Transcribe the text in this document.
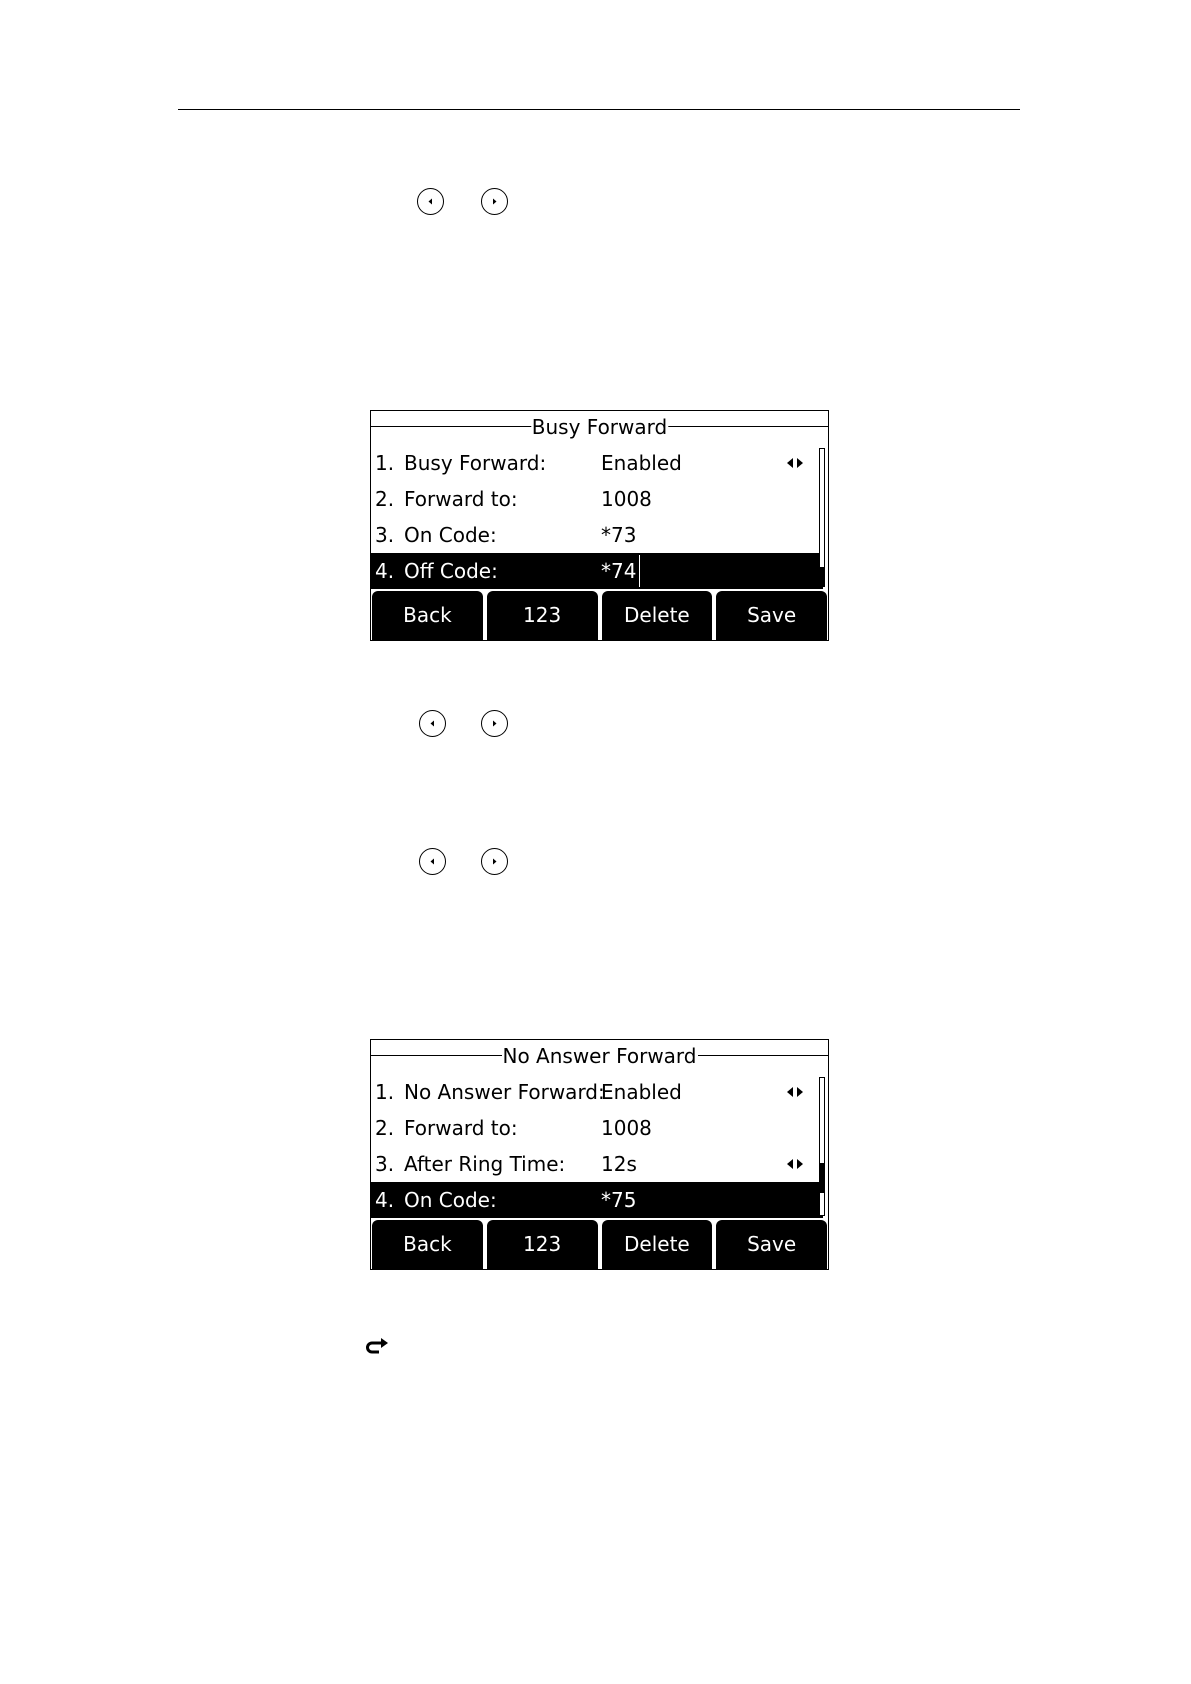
Busy Forward
1. Busy Forward:	Enabled
2. Forward to:	1008
3. On Code:	*73
4. Off Code:	*74
Back	123	Delete	Save
No Answer Forward
1. No Answer Forward:
Enabled
2. Forward to:	1008
3. After Ring Time: 12s
4. On Code:	*75
Back	123	Delete	Save
